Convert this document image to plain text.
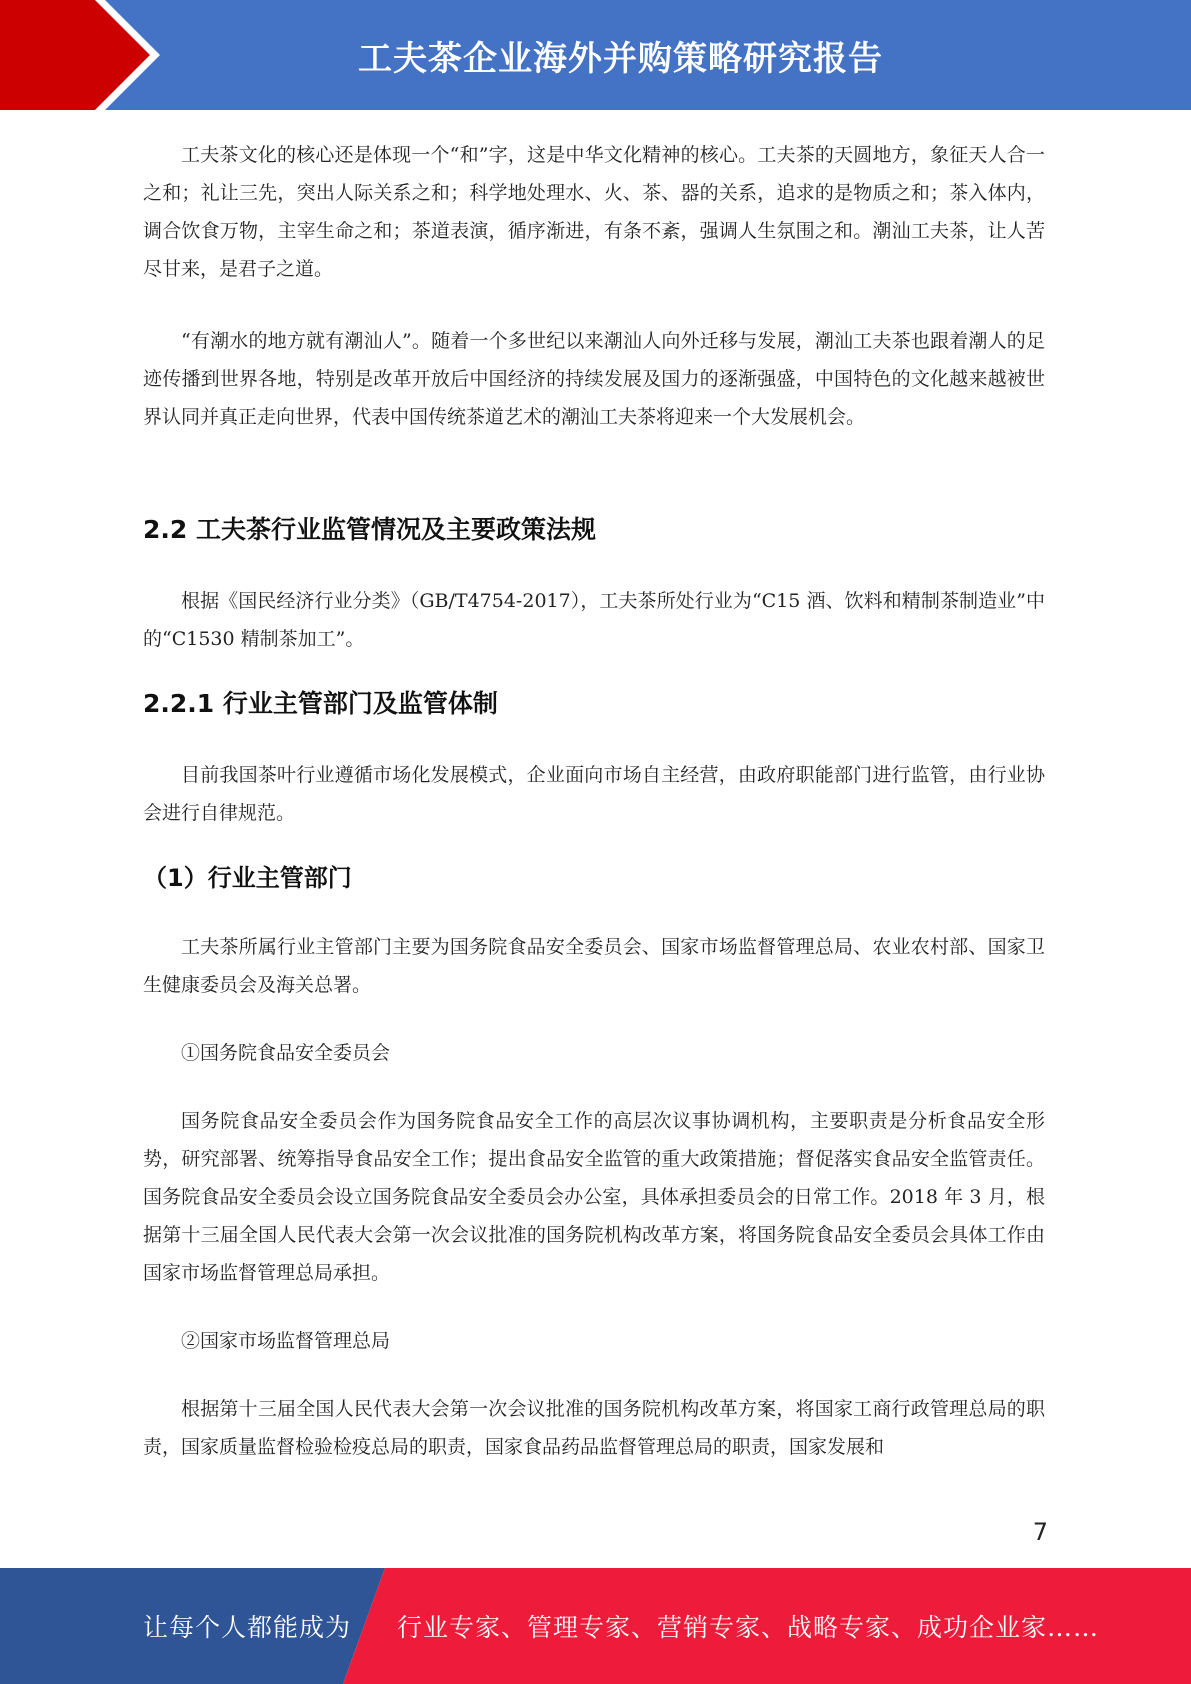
工夫茶企业海外并购策略研究报告

工夫茶文化的核心还是体现一个“和”字，这是中华文化精神的核心。工夫茶的天圆地方，象征天人合一之和；礼让三先，突出人际关系之和；科学地处理水、火、茶、器的关系，追求的是物质之和；茶入体内，调合饮食万物，主宰生命之和；茶道表演，循序渐进，有条不紊，强调人生氛围之和。潮汕工夫茶，让人苦尽甘来，是君子之道。

“有潮水的地方就有潮汕人”。随着一个多世纪以来潮汕人向外迁移与发展，潮汕工夫茶也跟着潮人的足迹传播到世界各地，特别是改革开放后中国经济的持续发展及国力的逐渐强盛，中国特色的文化越来越被世界认同并真正走向世界，代表中国传统茶道艺术的潮汕工夫茶将迎来一个大发展机会。

2.2 工夫茶行业监管情况及主要政策法规

根据《国民经济行业分类》（GB/T4754-2017），工夫茶所处行业为“C15 酒、饮料和精制茶制造业”中的“C1530 精制茶加工”。

2.2.1 行业主管部门及监管体制

目前我国茶叶行业遵循市场化发展模式，企业面向市场自主经营，由政府职能部门进行监管，由行业协会进行自律规范。

（1）行业主管部门

工夫茶所属行业主管部门主要为国务院食品安全委员会、国家市场监督管理总局、农业农村部、国家卫生健康委员会及海关总署。

①国务院食品安全委员会

国务院食品安全委员会作为国务院食品安全工作的高层次议事协调机构，主要职责是分析食品安全形势，研究部署、统筹指导食品安全工作；提出食品安全监管的重大政策措施；督促落实食品安全监管责任。国务院食品安全委员会设立国务院食品安全委员会办公室，具体承担委员会的日常工作。2018 年 3 月，根据第十三届全国人民代表大会第一次会议批准的国务院机构改革方案，将国务院食品安全委员会具体工作由国家市场监督管理总局承担。

②国家市场监督管理总局

根据第十三届全国人民代表大会第一次会议批准的国务院机构改革方案，将国家工商行政管理总局的职责，国家质量监督检验检疫总局的职责，国家食品药品监督管理总局的职责，国家发展和

7
让每个人都能成为 行业专家、管理专家、营销专家、战略专家、成功企业家……
